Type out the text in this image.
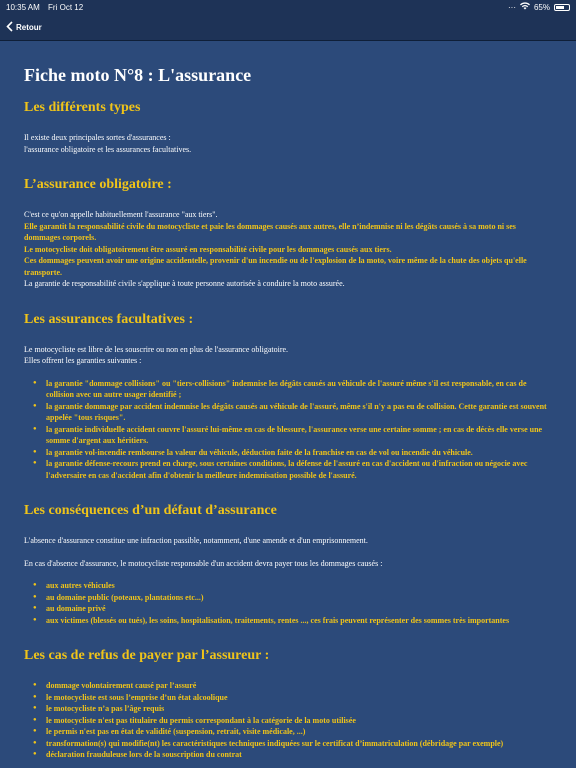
10:35 AM Fri Oct 12	··· 65%
Retour
Fiche moto N°8 : L'assurance
Les différents types

Il existe deux principales sortes d'assurances :
l'assurance obligatoire et les assurances facultatives.

L’assurance obligatoire :

C'est ce qu'on appelle habituellement l'assurance "aux tiers".
Elle garantit la responsabilité civile du motocycliste et paie les dommages causés aux autres, elle n’indemnise ni les dégâts causés à sa moto ni ses dommages corporels.
Le motocycliste doit obligatoirement être assuré en responsabilité civile pour les dommages causés aux tiers.
Ces dommages peuvent avoir une origine accidentelle, provenir d'un incendie ou de l'explosion de la moto, voire même de la chute des objets qu'elle transporte.
La garantie de responsabilité civile s'applique à toute personne autorisée à conduire la moto assurée.

Les assurances facultatives :

Le motocycliste est libre de les souscrire ou non en plus de l'assurance obligatoire.
Elles offrent les garanties suivantes :

● la garantie "dommage collisions" ou "tiers-collisions" indemnise les dégâts causés au véhicule de l'assuré même s'il est responsable, en cas de collision avec un autre usager identifié ;
● la garantie dommage par accident indemnise les dégâts causés au véhicule de l'assuré, même s'il n'y a pas eu de collision. Cette garantie est souvent appelée "tous risques".
● la garantie individuelle accident couvre l'assuré lui-même en cas de blessure, l'assurance verse une certaine somme ; en cas de décès elle verse une somme d'argent aux héritiers.
● la garantie vol-incendie rembourse la valeur du véhicule, déduction faite de la franchise en cas de vol ou incendie du véhicule.
● la garantie défense-recours prend en charge, sous certaines conditions, la défense de l'assuré en cas d'accident ou d'infraction ou négocie avec l'adversaire en cas d'accident afin d'obtenir la meilleure indemnisation possible de l'assuré.
Les conséquences d’un défaut d’assurance

L'absence d'assurance constitue une infraction passible, notamment, d'une amende et d'un emprisonnement.

En cas d'absence d'assurance, le motocycliste responsable d'un accident devra payer tous les dommages causés :

● aux autres véhicules
● au domaine public (poteaux, plantations etc...)
● au domaine privé
● aux victimes (blessés ou tués), les soins, hospitalisation, traitements, rentes ..., ces frais peuvent représenter des sommes très importantes
Les cas de refus de payer par l’assureur :
● dommage volontairement causé par l’assuré
● le motocycliste est sous l’emprise d’un état alcoolique
● le motocycliste n’a pas l’âge requis
● le motocycliste n'est pas titulaire du permis correspondant à la catégorie de la moto utilisée
● le permis n'est pas en état de validité (suspension, retrait, visite médicale, ...)
● transformation(s) qui modifie(nt) les caractéristiques techniques indiquées sur le certificat d’immatriculation (débridage par exemple)
● déclaration frauduleuse lors de la souscription du contrat
